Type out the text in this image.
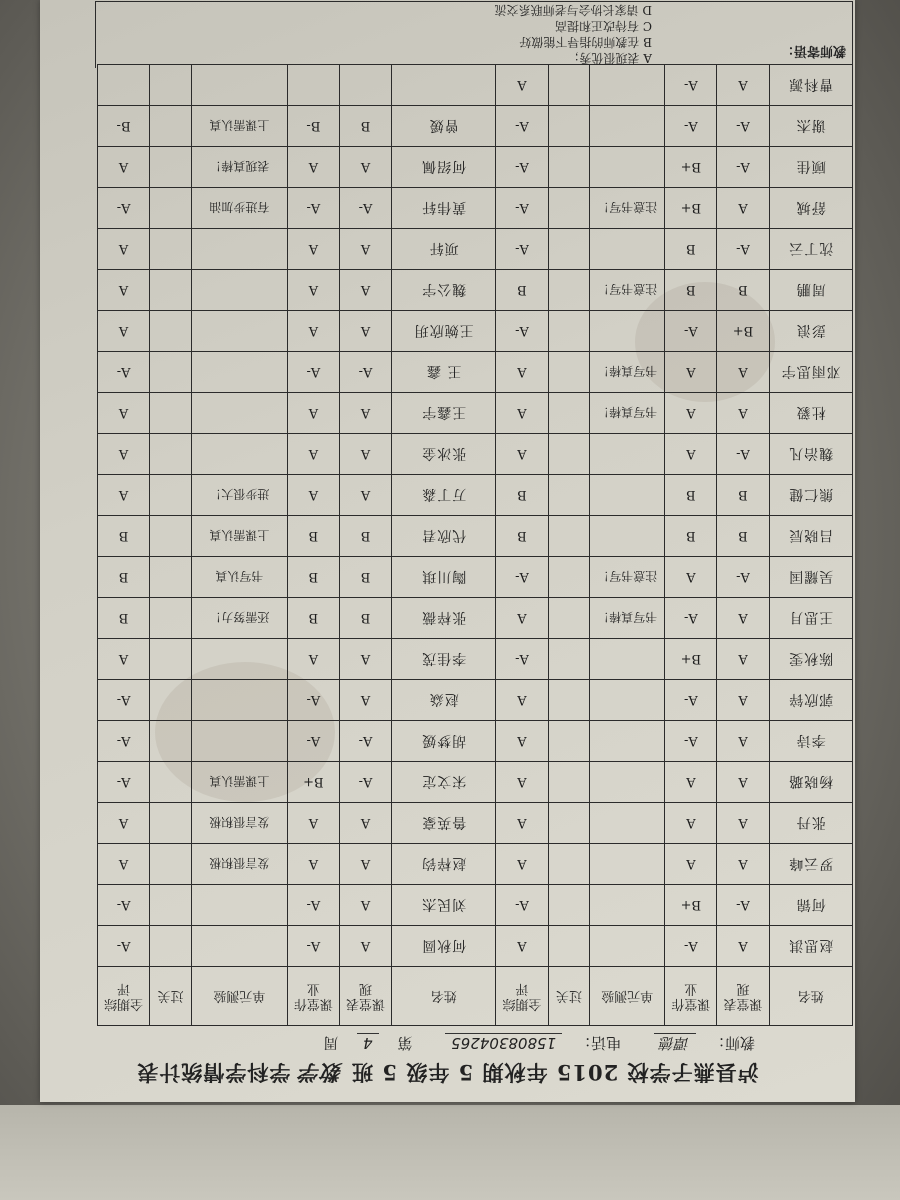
泸县燕子学校 2015 年秋期 5 年级 5 班 数学 学科学情统计表
教师：谭德 电话：15808304265 第 4 周
姓名	课堂表现	课堂作业	单元测验	过关	全期综评	姓名	课堂表现	课堂作业	单元测验	过关	全期综评
赵思淇	A	A-			A	何秋圆	A	A-			A-
何锦	A-	B+			A-	刘民杰	A	A-			A-
罗云峰	A	A			A	赵梓钧	A	A	发言很积极		A
张丹	A	A			A	鲁英豪	A	A	发言很积极		A
杨晓璐	A	A			A	宋文定	A-	B+	上课需认真		A-
李诗	A	A-			A	胡梦媛	A-	A-			A-
郭欣锌	A	A-			A	赵焱	A	A-			A-
陈秋雯	A	B+			A-	李佳茂	A	A			A
王思月	A	A-	书写真棒！		A	张梓薇	B	B	还需努力！		B
吴耀国	A-	A	注意书写！		A-	陶川琪	B	B	书写认真		B
吕晓辰	B	B			B	代欣君	B	B	上课需认真		B
熊仁健	B	B			B	万丁淼	A	A	进步很大！		A
魏治凡	A-	A			A	张冰金	A	A			A
杜毅	A	A	书写真棒！		A	王鑫宇	A	A			A
邓雨思宇	A	A	书写真棒！		A	王 鑫	A-	A-			A-
彭浪	B+	A-			A-	王婉欣玥	A	A			A
周鹏	B	B	注意书写！		B	魏公宇	A	A			A
沈丁云	A-	B			A-	项轩	A	A			A
舒城	A	B+	注意书写！		A-	黄伟轩	A-	A-	有进步加油		A-
顾佳	A-	B+			A-	何绍佩	A	A	表现真棒！		A
谢杰	A-	A-			A-	曾媛	B	B-	上课需认真		B-
曹科源	A	A-			A						
教师寄语：
A 表现很优秀；
B 在教师的指导下能做好
C 有待改正和提高
D 请家长协会与老师联系交流
